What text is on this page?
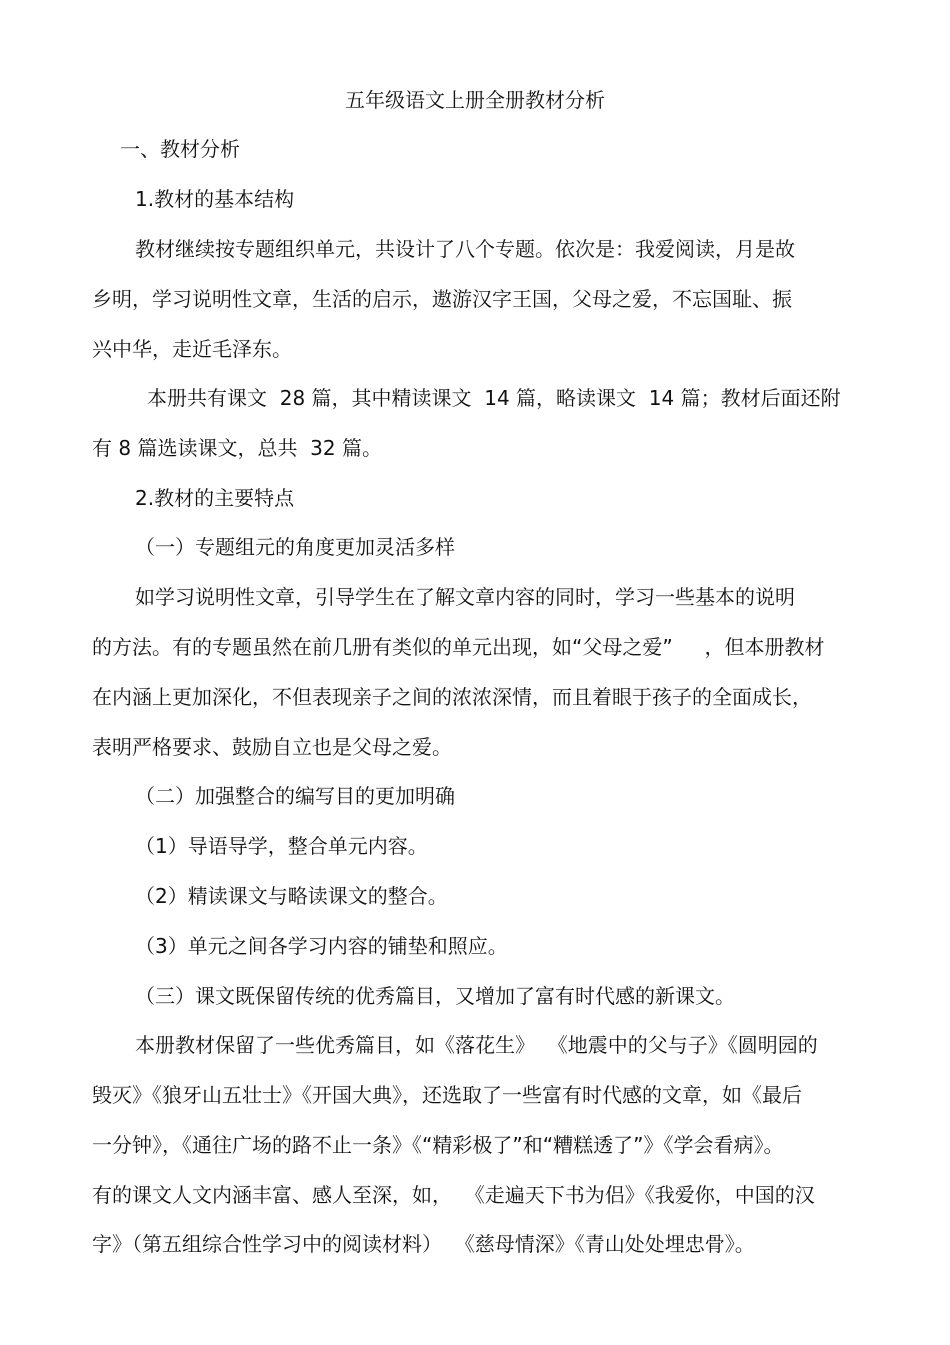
五年级语文上册全册教材分析
一、教材分析
1.教材的基本结构
教材继续按专题组织单元，共设计了八个专题。依次是：我爱阅读，月是故
乡明，学习说明性文章，生活的启示，遨游汉字王国，父母之爱，不忘国耻、振
兴中华，走近毛泽东。
本册共有课文  28 篇，其中精读课文  14 篇，略读课文  14 篇；教材后面还附
有 8 篇选读课文，总共  32 篇。
2.教材的主要特点
（一）专题组元的角度更加灵活多样
如学习说明性文章，引导学生在了解文章内容的同时，学习一些基本的说明
的方法。有的专题虽然在前几册有类似的单元出现，如“父母之爱”     ，但本册教材
在内涵上更加深化，不但表现亲子之间的浓浓深情，而且着眼于孩子的全面成长，
表明严格要求、鼓励自立也是父母之爱。
（二）加强整合的编写目的更加明确
（1）导语导学，整合单元内容。
（2）精读课文与略读课文的整合。
（3）单元之间各学习内容的铺垫和照应。
（三）课文既保留传统的优秀篇目，又增加了富有时代感的新课文。
本册教材保留了一些优秀篇目，如《落花生》  《地震中的父与子》《圆明园的
毁灭》《狼牙山五壮士》《开国大典》，还选取了一些富有时代感的文章，如《最后
一分钟》，《通往广场的路不止一条》《“精彩极了”和“糟糕透了”》《学会看病》。
有的课文人文内涵丰富、感人至深，如，  《走遍天下书为侣》《我爱你，中国的汉
字》（第五组综合性学习中的阅读材料）  《慈母情深》《青山处处埋忠骨》。
